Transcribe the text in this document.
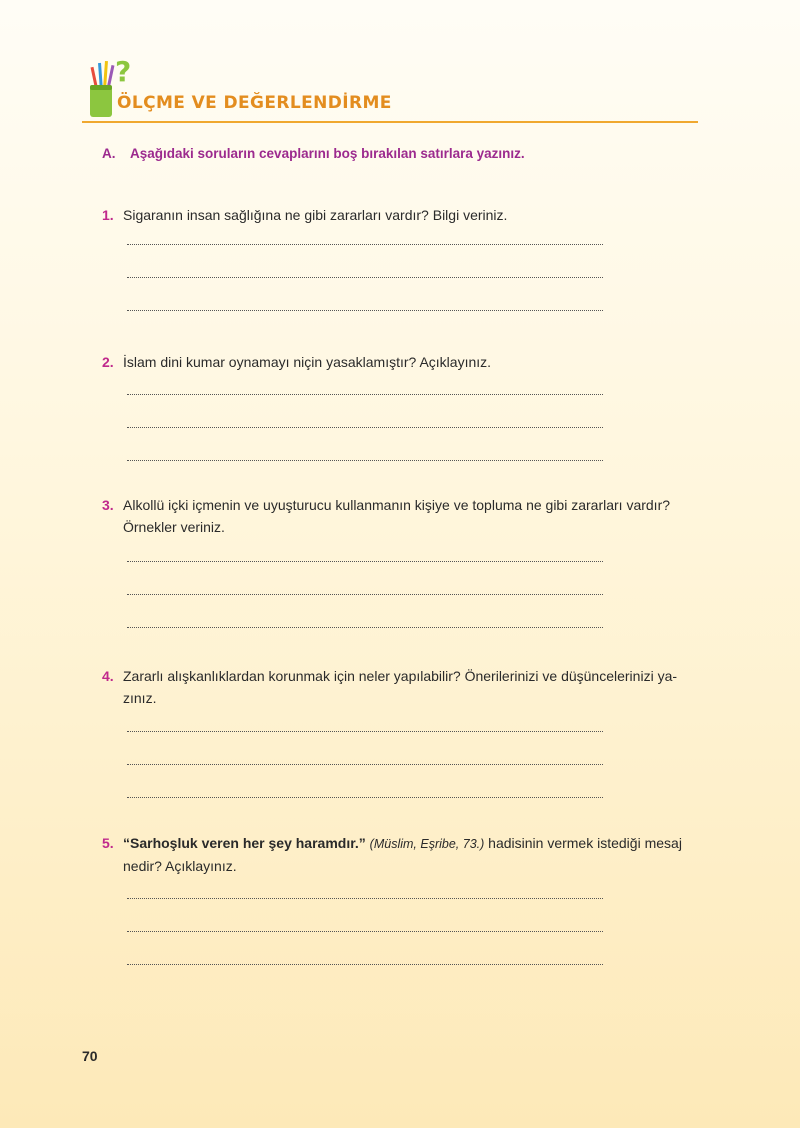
?
ÖLÇME VE DEĞERLENDİRME
A. Aşağıdaki soruların cevaplarını boş bırakılan satırlara yazınız.
1. Sigaranın insan sağlığına ne gibi zararları vardır? Bilgi veriniz.
2. İslam dini kumar oynamayı niçin yasaklamıştır? Açıklayınız.
3. Alkollü içki içmenin ve uyuşturucu kullanmanın kişiye ve topluma ne gibi zararları vardır?
Örnekler veriniz.
4. Zararlı alışkanlıklardan korunmak için neler yapılabilir? Önerilerinizi ve düşüncelerinizi ya-
zınız.
5. “Sarhoşluk veren her şey haramdır.” (Müslim, Eşribe, 73.) hadisinin vermek istediği mesaj
nedir? Açıklayınız.
70
